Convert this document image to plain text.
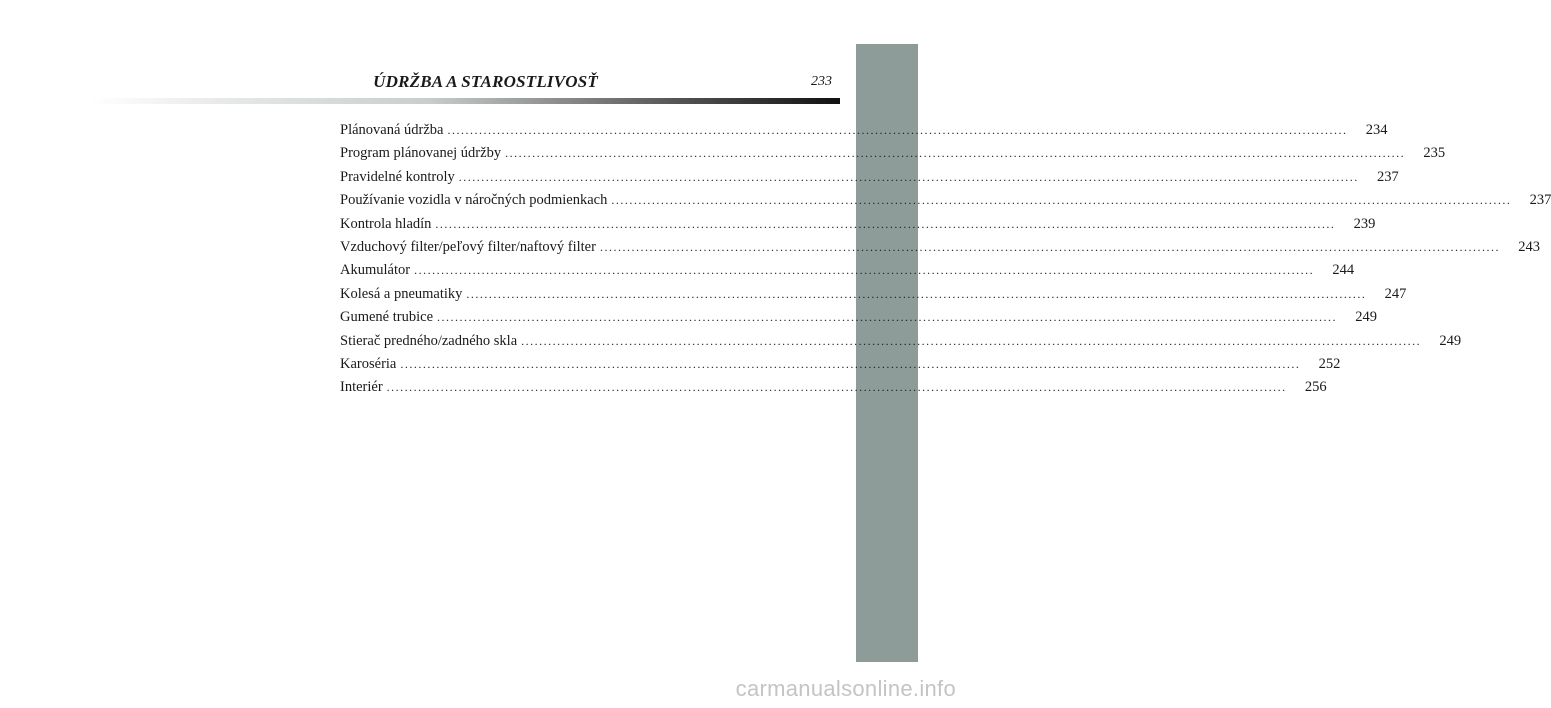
ÚDRŽBA A STAROSTLIVOSŤ	233
Plánovaná údržba ........................................................................................................................................................................................................	234
Program plánovanej údržby ........................................................................................................................................................................................................	235
Pravidelné kontroly ........................................................................................................................................................................................................	237
Používanie vozidla v náročných podmienkach ........................................................................................................................................................................................................	237
Kontrola hladín ........................................................................................................................................................................................................	239
Vzduchový filter/peľový filter/naftový filter ........................................................................................................................................................................................................	243
Akumulátor ........................................................................................................................................................................................................	244
Kolesá a pneumatiky ........................................................................................................................................................................................................	247
Gumené trubice ........................................................................................................................................................................................................	249
Stierač predného/zadného skla ........................................................................................................................................................................................................	249
Karoséria ........................................................................................................................................................................................................	252
Interiér ........................................................................................................................................................................................................	256
carmanualsonline.info
